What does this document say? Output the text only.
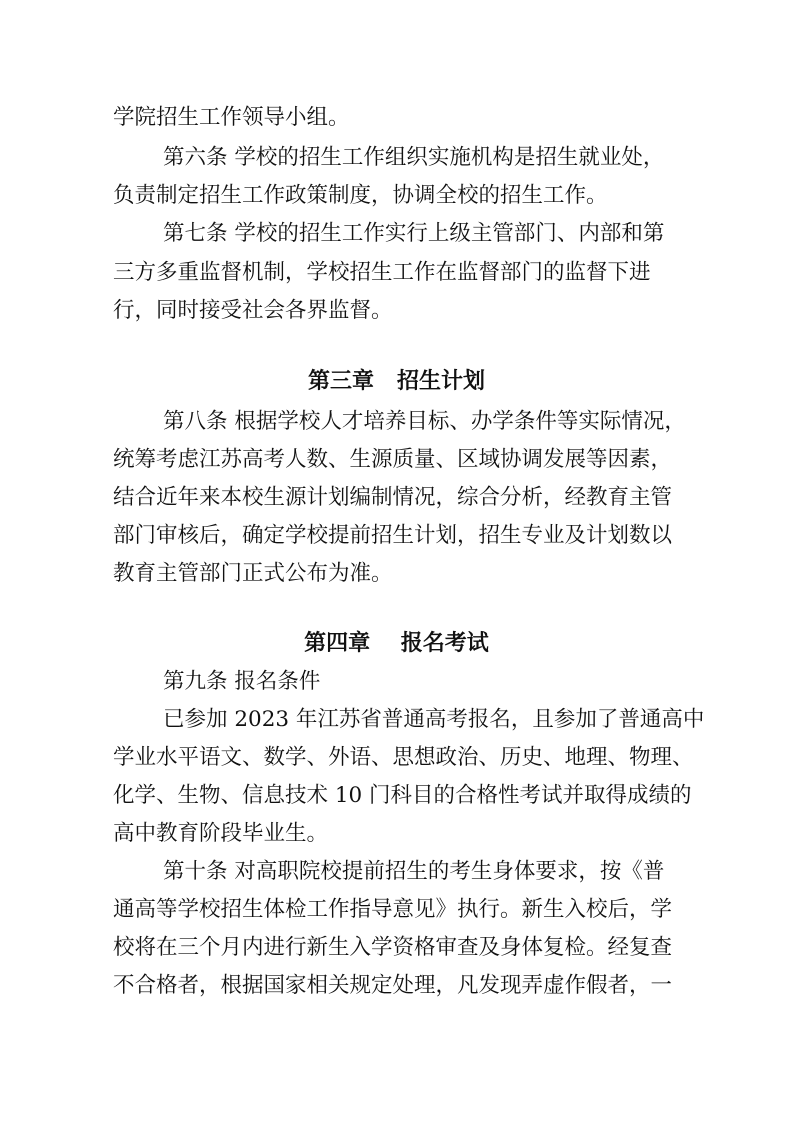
学院招生工作领导小组。

第六条 学校的招生工作组织实施机构是招生就业处，

负责制定招生工作政策制度，协调全校的招生工作。

第七条 学校的招生工作实行上级主管部门、内部和第

三方多重监督机制，学校招生工作在监督部门的监督下进

行，同时接受社会各界监督。

第三章   招生计划

第八条 根据学校人才培养目标、办学条件等实际情况，

统筹考虑江苏高考人数、生源质量、区域协调发展等因素，

结合近年来本校生源计划编制情况，综合分析，经教育主管

部门审核后，确定学校提前招生计划，招生专业及计划数以

教育主管部门正式公布为准。

第四章    报名考试

第九条 报名条件

已参加 2023 年江苏省普通高考报名，且参加了普通高中

学业水平语文、数学、外语、思想政治、历史、地理、物理、

化学、生物、信息技术 10 门科目的合格性考试并取得成绩的

高中教育阶段毕业生。

第十条 对高职院校提前招生的考生身体要求，按《普

通高等学校招生体检工作指导意见》执行。新生入校后，学

校将在三个月内进行新生入学资格审查及身体复检。经复查

不合格者，根据国家相关规定处理，凡发现弄虚作假者，一
